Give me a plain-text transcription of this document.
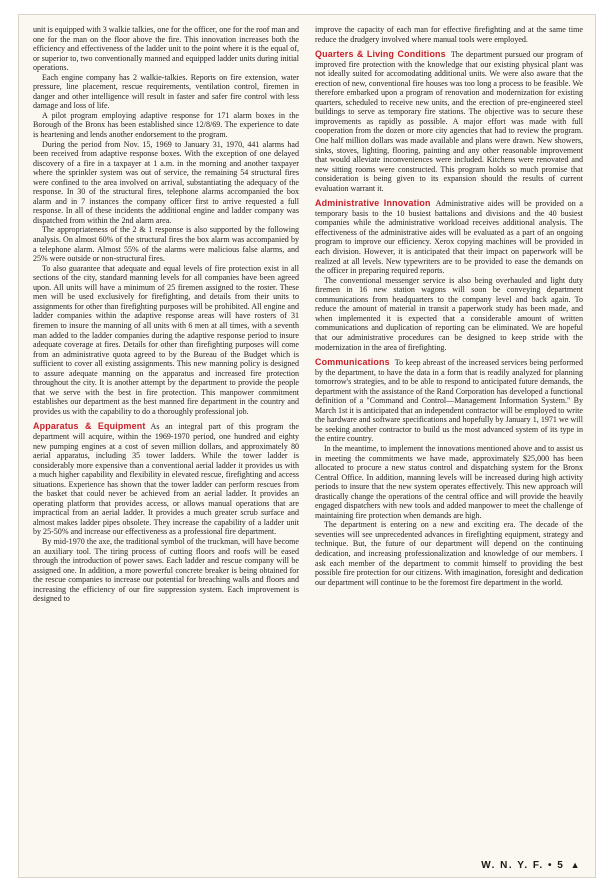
unit is equipped with 3 walkie talkies, one for the officer, one for the roof man and one for the man on the floor above the fire. This innovation increases both the efficiency and effectiveness of the ladder unit to the point where it is the equal of, or superior to, two conventionally manned and equipped ladder units during initial operations.

Each engine company has 2 walkie-talkies. Reports on fire extension, water pressure, line placement, rescue requirements, ventilation control, firemen in danger and other intelligence will result in faster and safer fire control with less damage and loss of life.

A pilot program employing adaptive response for 171 alarm boxes in the Borough of the Bronx has been established since 12/8/69. The experience to date is heartening and lends another endorsement to the program.

During the period from Nov. 15, 1969 to January 31, 1970, 441 alarms had been received from adaptive response boxes. With the exception of one delayed discovery of a fire in a taxpayer at 1 a.m. in the morning and another taxpayer where the sprinkler system was out of service, the remaining 54 structural fires were confined to the area involved on arrival, substantiating the adequacy of the response. In 30 of the structural fires, telephone alarms accompanied the box alarm and in 7 instances the company officer first to arrive requested a full response. In all of these incidents the additional engine and ladder company was dispatched from within the 2nd alarm area.

The appropriateness of the 2 & 1 response is also supported by the following analysis. On almost 60% of the structural fires the box alarm was accompanied by a telephone alarm. Almost 55% of the alarms were malicious false alarms, and 25% were outside or non-structural fires.

To also guarantee that adequate and equal levels of fire protection exist in all sections of the city, standard manning levels for all companies have been agreed upon. All units will have a minimum of 25 firemen assigned to the roster. These men will be used exclusively for firefighting, and details from their units to assignments for other than firefighting purposes will be prohibited. All engine and ladder companies within the adaptive response areas will have rosters of 31 firemen to insure the manning of all units with 6 men at all times, with a seventh man added to the ladder companies during the adaptive response period to insure adequate coverage at fires. Details for other than firefighting purposes will come from an administrative quota agreed to by the Bureau of the Budget which is sufficient to cover all existing assignments. This new manning policy is designed to assure adequate manning on the apparatus and increased fire protection throughout the city. It is another attempt by the department to provide the people that we serve with the best in fire protection. This manpower commitment establishes our department as the best manned fire department in the country and provides us with the capability to do a thoroughly professional job.

Apparatus & Equipment As an integral part of this program the department will acquire, within the 1969-1970 period, one hundred and eighty new pumping engines at a cost of seven million dollars, and approximately 80 aerial apparatus, including 35 tower ladders. While the tower ladder is considerably more expensive than a conventional aerial ladder it provides us with a much higher capability and flexibility in elevated rescue, firefighting and access situations. Experience has shown that the tower ladder can perform rescues from the basket that could never be achieved from an aerial ladder. It provides an operating platform that provides access, or allows manual operations that are impractical from an aerial ladder. It provides a much greater scrub surface and almost makes ladder pipes obsolete. They increase the capability of a ladder unit by 25-50% and increase our effectiveness as a professional fire department.

By mid-1970 the axe, the traditional symbol of the truckman, will have become an auxiliary tool. The tiring process of cutting floors and roofs will be eased through the introduction of power saws. Each ladder and rescue company will be assigned one. In addition, a more powerful concrete breaker is being obtained for the rescue companies to increase our potential for breaching walls and floors and increasing the efficiency of our fire suppression system. Each improvement is designed to

improve the capacity of each man for effective firefighting and at the same time reduce the drudgery involved where manual tools were employed.

Quarters & Living Conditions The department pursued our program of improved fire protection with the knowledge that our existing physical plant was not ideally suited for accomodating additional units. We were also aware that the erection of new, conventional fire houses was too long a process to be feasible. We therefore embarked upon a program of renovation and modernization for existing quarters, scheduled to receive new units, and the erection of pre-engineered steel buildings to serve as temporary fire stations. The objective was to secure these improvements as rapidly as possible. A major effort was made with full cooperation from the dozen or more city agencies that had to review the program. One half million dollars was made available and plans were drawn. New showers, sinks, stoves, lighting, flooring, painting and any other reasonable improvement that would alleviate inconveniences were included. Kitchens were renovated and new sitting rooms were constructed. This program holds so much promise that consideration is being given to its expansion should the results of current evaluation warrant it.

Administrative Innovation Administrative aides will be provided on a temporary basis to the 10 busiest battalions and divisions and the 40 busiest companies while the administrative workload receives additional analysis. The effectiveness of the administrative aides will be evaluated as a part of an ongoing program to improve our efficiency. Xerox copying machines will be provided in each division. However, it is anticipated that their impact on paperwork will be realized at all levels. New typewriters are to be provided to ease the demands on the officer in preparing required reports.

The conventional messenger service is also being overhauled and light duty firemen in 16 new station wagons will soon be conveying department communications from headquarters to the company level and back again. To reduce the amount of material in transit a paperwork study has been made, and when implemented it is expected that a considerable amount of written communications and duplication of reporting can be eliminated. We are hopeful that our administrative procedures can be designed to keep stride with the modernization in the area of firefighting.

Communications To keep abreast of the increased services being performed by the department, to have the data in a form that is readily analyzed for planning tomorrow's strategies, and to be able to respond to anticipated future demands, the department with the assistance of the Rand Corporation has developed a functional definition of a "Command and Control—Management Information System." By March 1st it is anticipated that an independent contractor will be employed to write the hardware and software specifications and hopefully by January 1, 1971 we will be seeking another contractor to build us the most advanced system of its type in the entire country.

In the meantime, to implement the innovations mentioned above and to assist us in meeting the commitments we have made, approximately $25,000 has been allocated to procure a new status control and dispatching system for the Bronx Central Office. In addition, manning levels will be increased during high activity periods to insure that the new system operates effectively. This new approach will drastically change the operations of the central office and will provide the heavily engaged dispatchers with new tools and added manpower to meet the challenge of maintaining fire protection when demands are high.

The department is entering on a new and exciting era. The decade of the seventies will see unprecedented advances in firefighting equipment, strategy and technique. But, the future of our department will depend on the continuing dedication, and increasing professionalization and knowledge of our members. I ask each member of the department to commit himself to providing the best possible fire protection for our citizens. With imagination, foresight and dedication our department will continue to be the foremost fire department in the world.

W. N. Y. F. • 5 ▲
